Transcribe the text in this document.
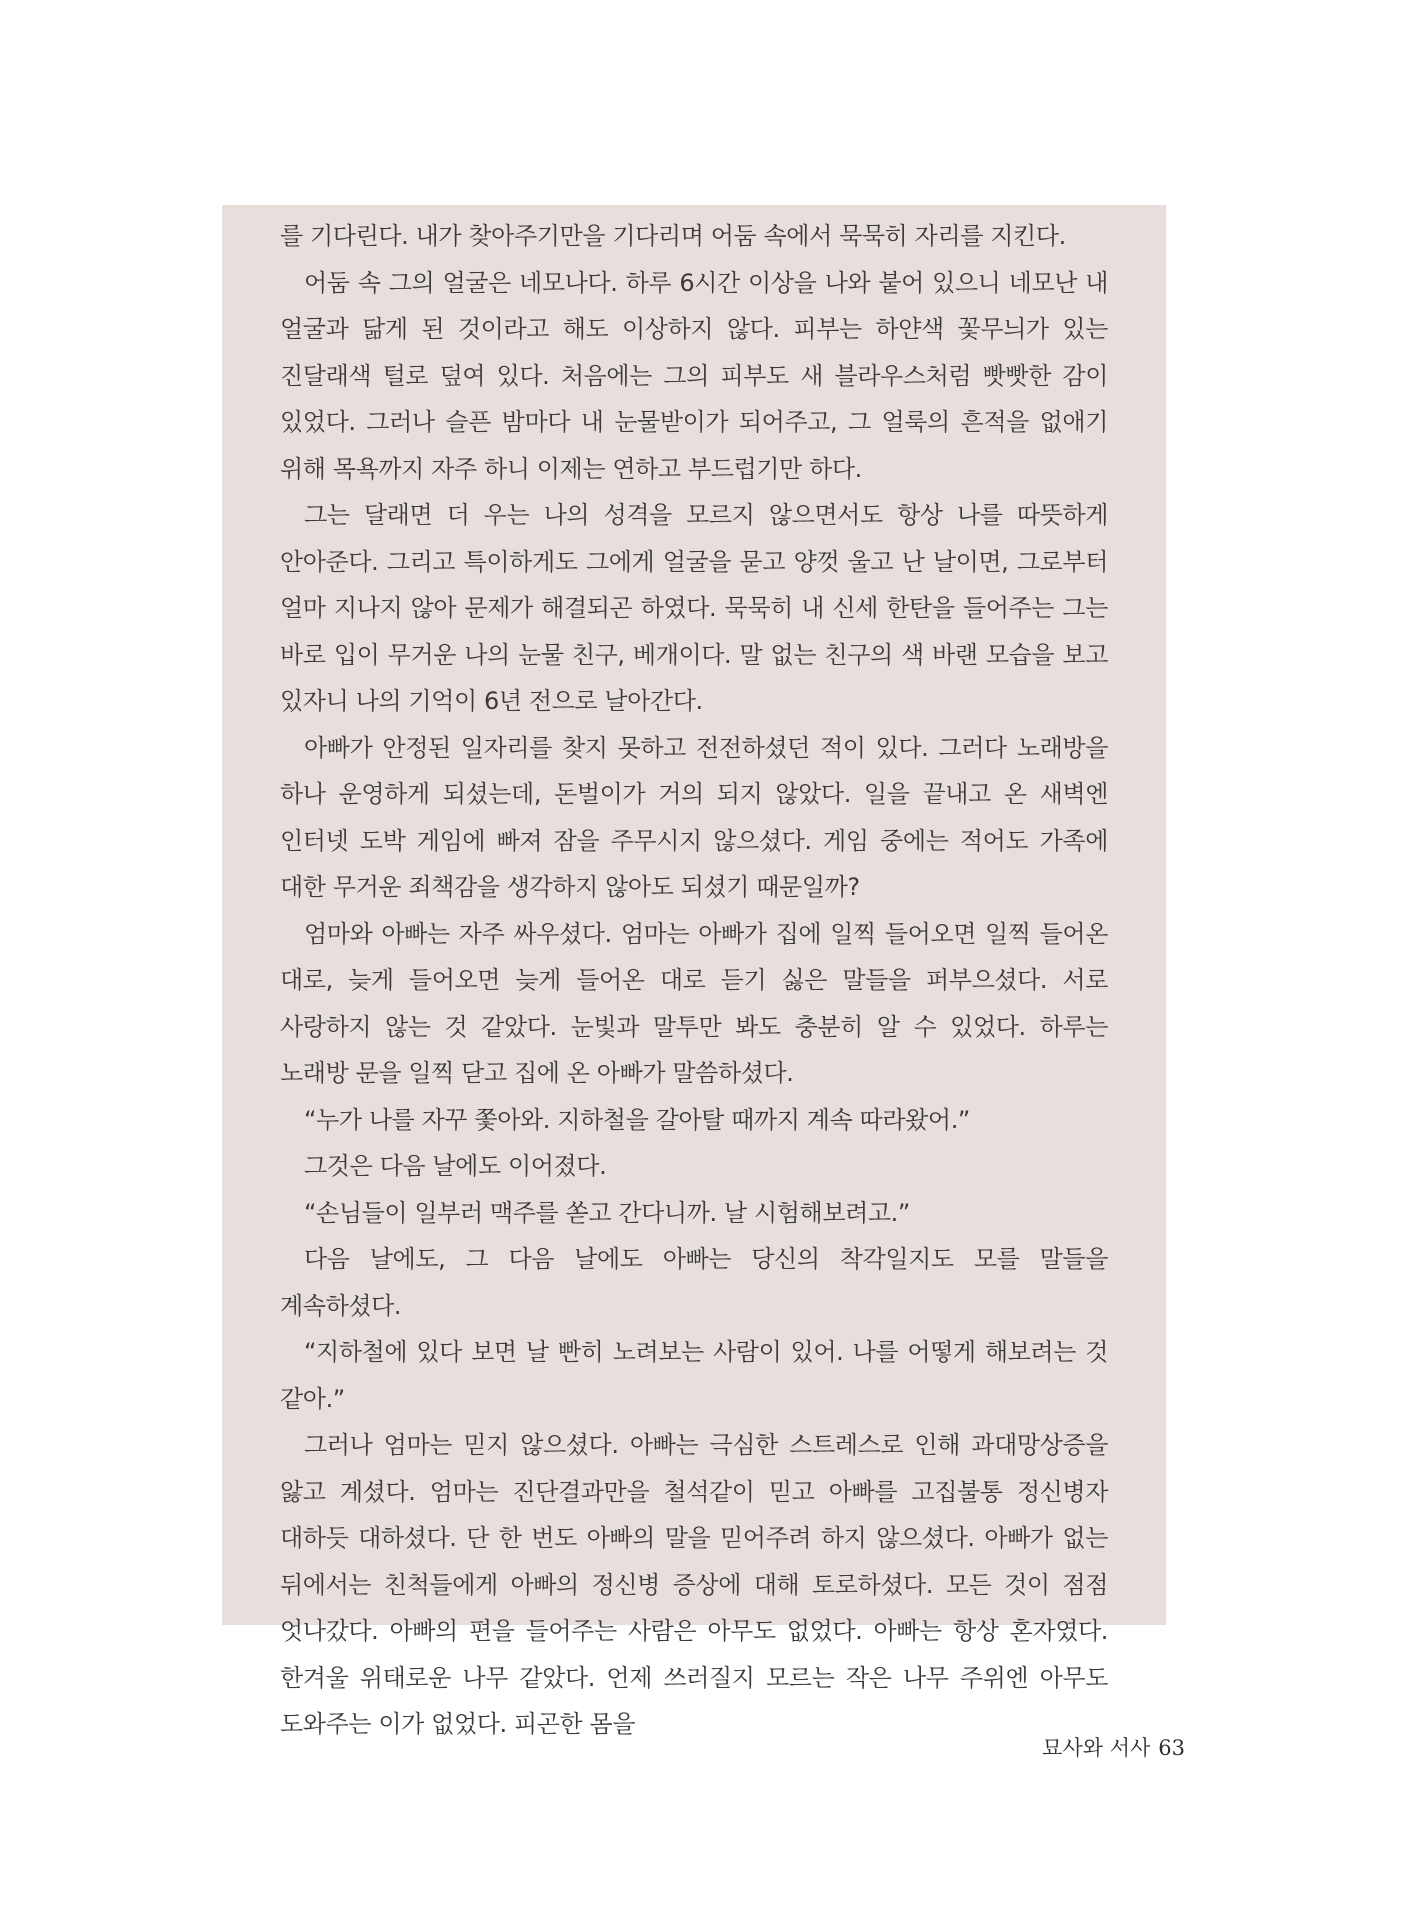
를 기다린다. 내가 찾아주기만을 기다리며 어둠 속에서 묵묵히 자리를 지킨다.

어둠 속 그의 얼굴은 네모나다. 하루 6시간 이상을 나와 붙어 있으니 네모난 내 얼굴과 닮게 된 것이라고 해도 이상하지 않다. 피부는 하얀색 꽃무늬가 있는 진달래색 털로 덮여 있다. 처음에는 그의 피부도 새 블라우스처럼 빳빳한 감이 있었다. 그러나 슬픈 밤마다 내 눈물받이가 되어주고, 그 얼룩의 흔적을 없애기 위해 목욕까지 자주 하니 이제는 연하고 부드럽기만 하다.

그는 달래면 더 우는 나의 성격을 모르지 않으면서도 항상 나를 따뜻하게 안아준다. 그리고 특이하게도 그에게 얼굴을 묻고 양껏 울고 난 날이면, 그로부터 얼마 지나지 않아 문제가 해결되곤 하였다. 묵묵히 내 신세 한탄을 들어주는 그는 바로 입이 무거운 나의 눈물 친구, 베개이다. 말 없는 친구의 색 바랜 모습을 보고 있자니 나의 기억이 6년 전으로 날아간다.

아빠가 안정된 일자리를 찾지 못하고 전전하셨던 적이 있다. 그러다 노래방을 하나 운영하게 되셨는데, 돈벌이가 거의 되지 않았다. 일을 끝내고 온 새벽엔 인터넷 도박 게임에 빠져 잠을 주무시지 않으셨다. 게임 중에는 적어도 가족에 대한 무거운 죄책감을 생각하지 않아도 되셨기 때문일까?

엄마와 아빠는 자주 싸우셨다. 엄마는 아빠가 집에 일찍 들어오면 일찍 들어온 대로, 늦게 들어오면 늦게 들어온 대로 듣기 싫은 말들을 퍼부으셨다. 서로 사랑하지 않는 것 같았다. 눈빛과 말투만 봐도 충분히 알 수 있었다. 하루는 노래방 문을 일찍 닫고 집에 온 아빠가 말씀하셨다.

“누가 나를 자꾸 쫓아와. 지하철을 갈아탈 때까지 계속 따라왔어.”

그것은 다음 날에도 이어졌다.

“손님들이 일부러 맥주를 쏟고 간다니까. 날 시험해보려고.”

다음 날에도, 그 다음 날에도 아빠는 당신의 착각일지도 모를 말들을 계속하셨다.

“지하철에 있다 보면 날 빤히 노려보는 사람이 있어. 나를 어떻게 해보려는 것 같아.”

그러나 엄마는 믿지 않으셨다. 아빠는 극심한 스트레스로 인해 과대망상증을 앓고 계셨다. 엄마는 진단결과만을 철석같이 믿고 아빠를 고집불통 정신병자 대하듯 대하셨다. 단 한 번도 아빠의 말을 믿어주려 하지 않으셨다. 아빠가 없는 뒤에서는 친척들에게 아빠의 정신병 증상에 대해 토로하셨다. 모든 것이 점점 엇나갔다. 아빠의 편을 들어주는 사람은 아무도 없었다. 아빠는 항상 혼자였다. 한겨울 위태로운 나무 같았다. 언제 쓰러질지 모르는 작은 나무 주위엔 아무도 도와주는 이가 없었다. 피곤한 몸을

묘사와 서사 63
